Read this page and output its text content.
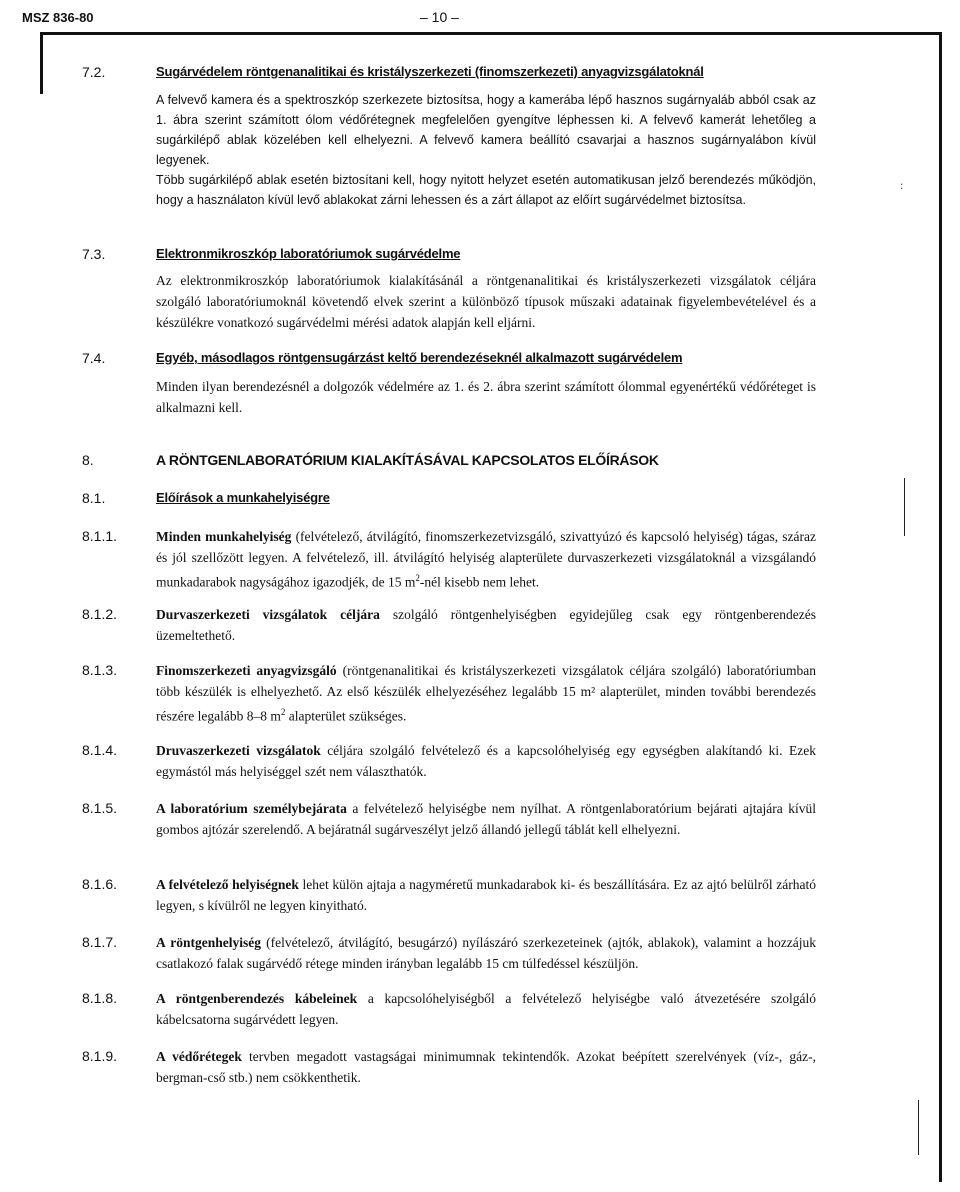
MSZ 836-80	– 10 –
:
7.2.	Sugárvédelem röntgenanalitikai és kristályszerkezeti (finomszerkezeti) anyagvizsgálatoknál
A felvevő kamera és a spektroszkóp szerkezete biztosítsa, hogy a kamerába lépő hasznos sugárnyaláb abból csak az 1. ábra szerint számított ólom védőrétegnek megfelelően gyengítve léphessen ki. A felvevő kamerát lehetőleg a sugárkilépő ablak közelében kell elhelyezni. A felvevő kamera beállító csavarjai a hasznos sugárnyalábon kívül legyenek.
Több sugárkilépő ablak esetén biztosítani kell, hogy nyitott helyzet esetén automatikusan jelző berendezés működjön, hogy a használaton kívül levő ablakokat zárni lehessen és a zárt állapot az előírt sugárvédelmet biztosítsa.
7.3.	Elektronmikroszkóp laboratóriumok sugárvédelme
Az elektronmikroszkóp laboratóriumok kialakításánál a röntgenanalitikai és kristályszerkezeti vizsgálatok céljára szolgáló laboratóriumoknál követendő elvek szerint a különböző típusok műszaki adatainak figyelembevételével és a készülékre vonatkozó sugárvédelmi mérési adatok alapján kell eljárni.
7.4.	Egyéb, másodlagos röntgensugárzást keltő berendezéseknél alkalmazott sugárvédelem
Minden ilyan berendezésnél a dolgozók védelmére az 1. és 2. ábra szerint számított ólommal egyenértékű védőréteget is alkalmazni kell.
8.	A RÖNTGENLABORATÓRIUM KIALAKÍTÁSÁVAL KAPCSOLATOS ELŐÍRÁSOK
8.1.	Előírások a munkahelyiségre
8.1.1.	Minden munkahelyiség (felvételező, átvilágító, finomszerkezetvizsgáló, szivattyúzó és kapcsoló helyiség) tágas, száraz és jól szellőzött legyen. A felvételező, ill. átvilágító helyiség alapterülete durvaszerkezeti vizsgálatoknál a vizsgálandó munkadarabok nagyságához igazodjék, de 15 $m^2$-nél kisebb nem lehet.
8.1.2.	Durvaszerkezeti vizsgálatok céljára szolgáló röntgenhelyiségben egyidejűleg csak egy röntgenberendezés üzemeltethető.
8.1.3.	Finomszerkezeti anyagvizsgáló (röntgenanalitikai és kristályszerkezeti vizsgálatok céljára szolgáló) laboratóriumban több készülék is elhelyezhető. Az első készülék elhelyezéséhez legalább 15 m² alapterület, minden további berendezés részére legalább 8–8 $m^2$ alapterület szükséges.
8.1.4.	Druvaszerkezeti vizsgálatok céljára szolgáló felvételező és a kapcsolóhelyiség egy egységben alakítandó ki. Ezek egymástól más helyiséggel szét nem választhatók.
8.1.5.	A laboratórium személybejárata a felvételező helyiségbe nem nyílhat. A röntgenlaboratórium bejárati ajtajára kívül gombos ajtózár szerelendő. A bejáratnál sugárveszélyt jelző állandó jellegű táblát kell elhelyezni.
8.1.6.	A felvételező helyiségnek lehet külön ajtaja a nagyméretű munkadarabok ki- és beszállítására. Ez az ajtó belülről zárható legyen, s kívülről ne legyen kinyitható.
8.1.7.	A röntgenhelyiség (felvételező, átvilágító, besugárzó) nyílászáró szerkezeteinek (ajtók, ablakok), valamint a hozzájuk csatlakozó falak sugárvédő rétege minden irányban legalább 15 cm túlfedéssel készüljön.
8.1.8.	A röntgenberendezés kábeleinek a kapcsolóhelyiségből a felvételező helyiségbe való átvezetésére szolgáló kábelcsatorna sugárvédett legyen.
8.1.9.	A védőrétegek tervben megadott vastagságai minimumnak tekintendők. Azokat beépített szerelvények (víz-, gáz-, bergman-cső stb.) nem csökkenthetik.
